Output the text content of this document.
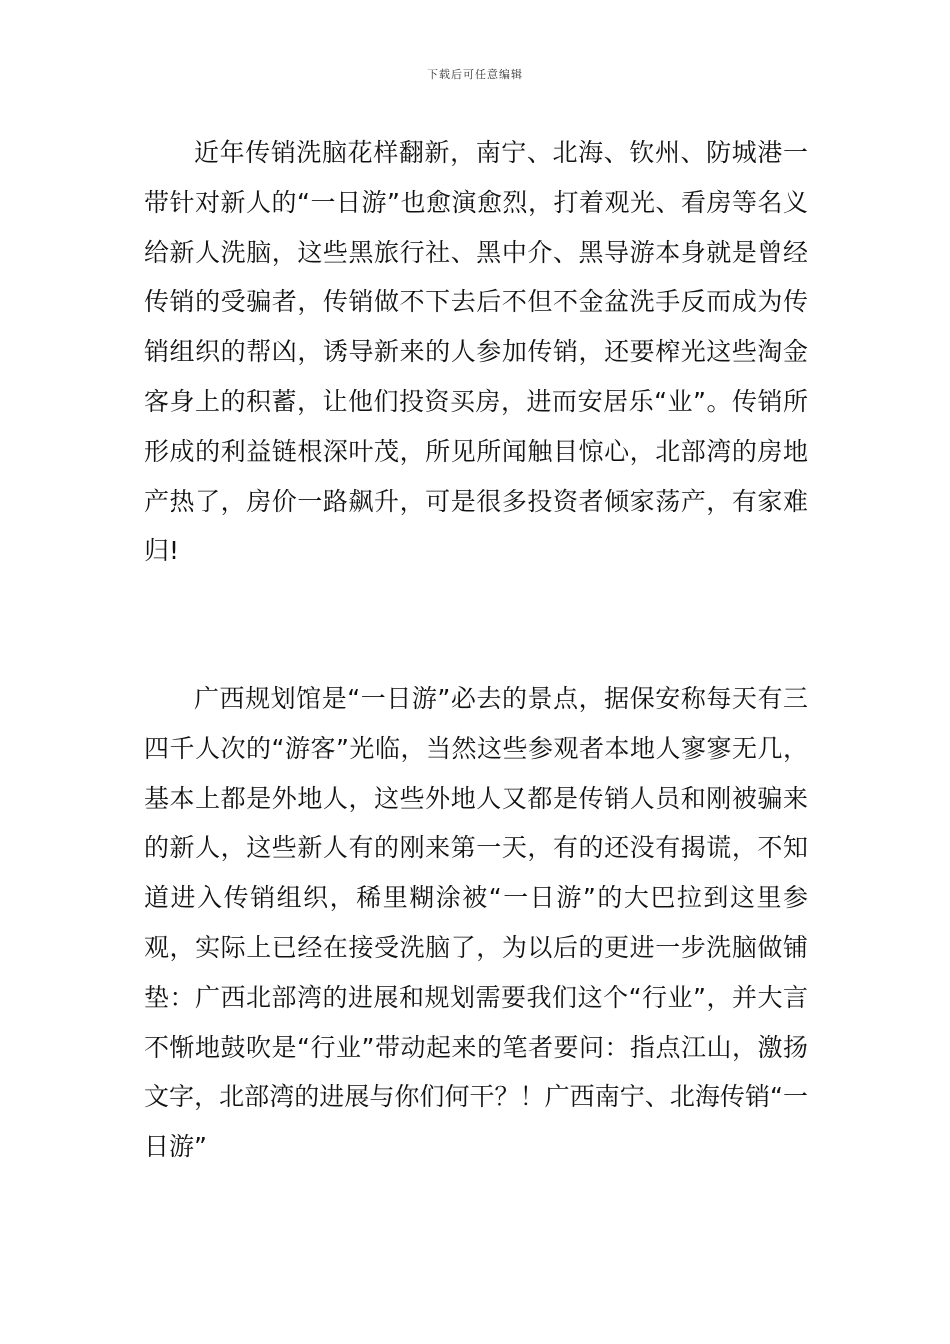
下载后可任意编辑

近年传销洗脑花样翻新，南宁、北海、钦州、防城港一带针对新人的“一日游”也愈演愈烈，打着观光、看房等名义给新人洗脑，这些黑旅行社、黑中介、黑导游本身就是曾经传销的受骗者，传销做不下去后不但不金盆洗手反而成为传销组织的帮凶，诱导新来的人参加传销，还要榨光这些淘金客身上的积蓄，让他们投资买房，进而安居乐“业”。传销所形成的利益链根深叶茂，所见所闻触目惊心，北部湾的房地产热了，房价一路飙升，可是很多投资者倾家荡产，有家难归!

广西规划馆是“一日游”必去的景点，据保安称每天有三四千人次的“游客”光临，当然这些参观者本地人寥寥无几，基本上都是外地人，这些外地人又都是传销人员和刚被骗来的新人，这些新人有的刚来第一天，有的还没有揭谎，不知道进入传销组织，稀里糊涂被“一日游”的大巴拉到这里参观，实际上已经在接受洗脑了，为以后的更进一步洗脑做铺垫：广西北部湾的进展和规划需要我们这个“行业”，并大言不惭地鼓吹是“行业”带动起来的笔者要问：指点江山，激扬文字，北部湾的进展与你们何干？！广西南宁、北海传销“一日游”
